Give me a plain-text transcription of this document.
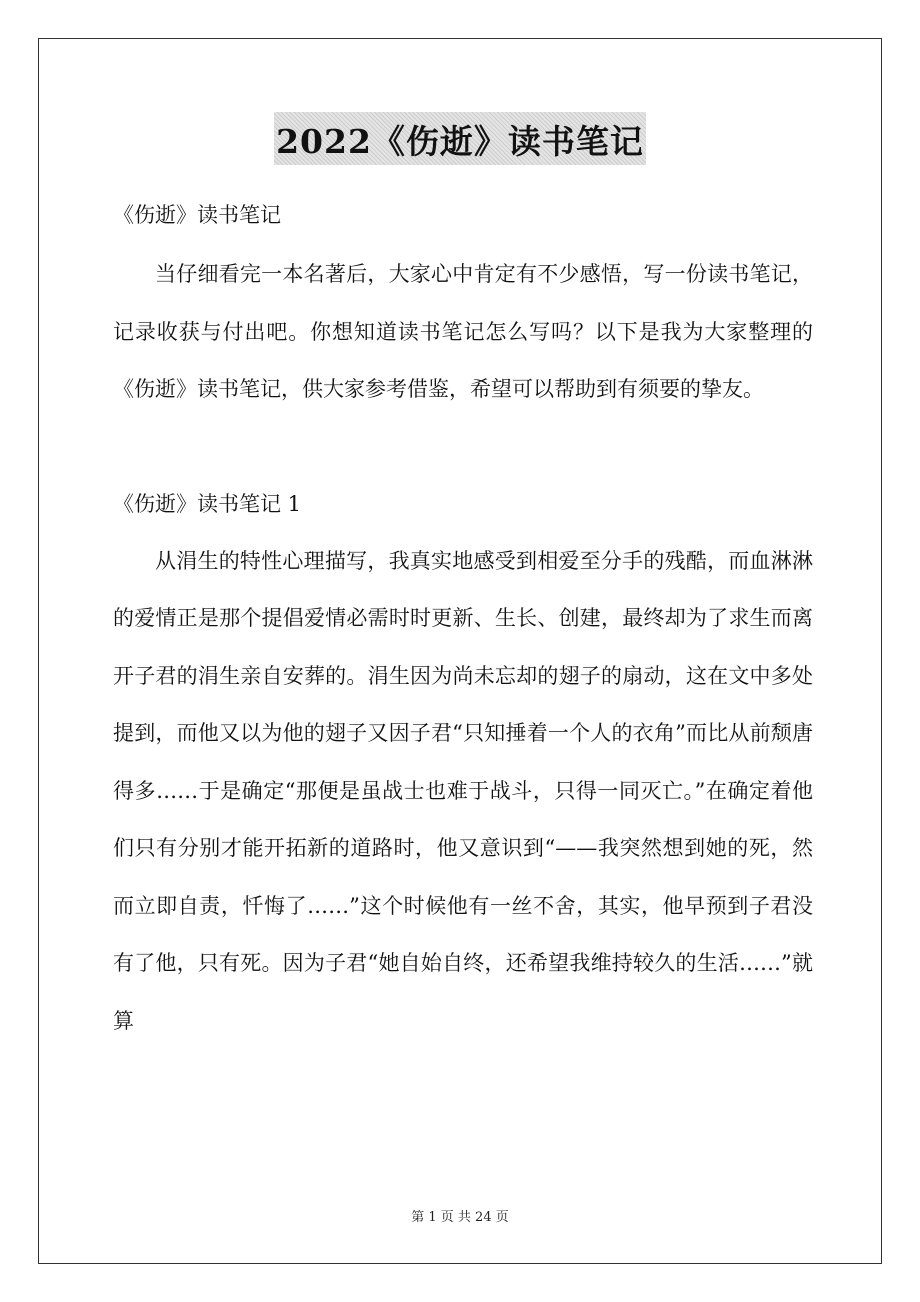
2022《伤逝》读书笔记

《伤逝》读书笔记

当仔细看完一本名著后，大家心中肯定有不少感悟，写一份读书笔记，记录收获与付出吧。你想知道读书笔记怎么写吗？以下是我为大家整理的《伤逝》读书笔记，供大家参考借鉴，希望可以帮助到有须要的挚友。

《伤逝》读书笔记 1

从涓生的特性心理描写，我真实地感受到相爱至分手的残酷，而血淋淋的爱情正是那个提倡爱情必需时时更新、生长、创建，最终却为了求生而离开子君的涓生亲自安葬的。涓生因为尚未忘却的翅子的扇动，这在文中多处提到，而他又以为他的翅子又因子君“只知捶着一个人的衣角”而比从前颓唐得多……于是确定“那便是虽战士也难于战斗，只得一同灭亡。”在确定着他们只有分别才能开拓新的道路时，他又意识到“——我突然想到她的死，然而立即自责，忏悔了……”这个时候他有一丝不舍，其实，他早预到子君没有了他，只有死。因为子君“她自始自终，还希望我维持较久的生活……”就算

第 1 页 共 24 页
